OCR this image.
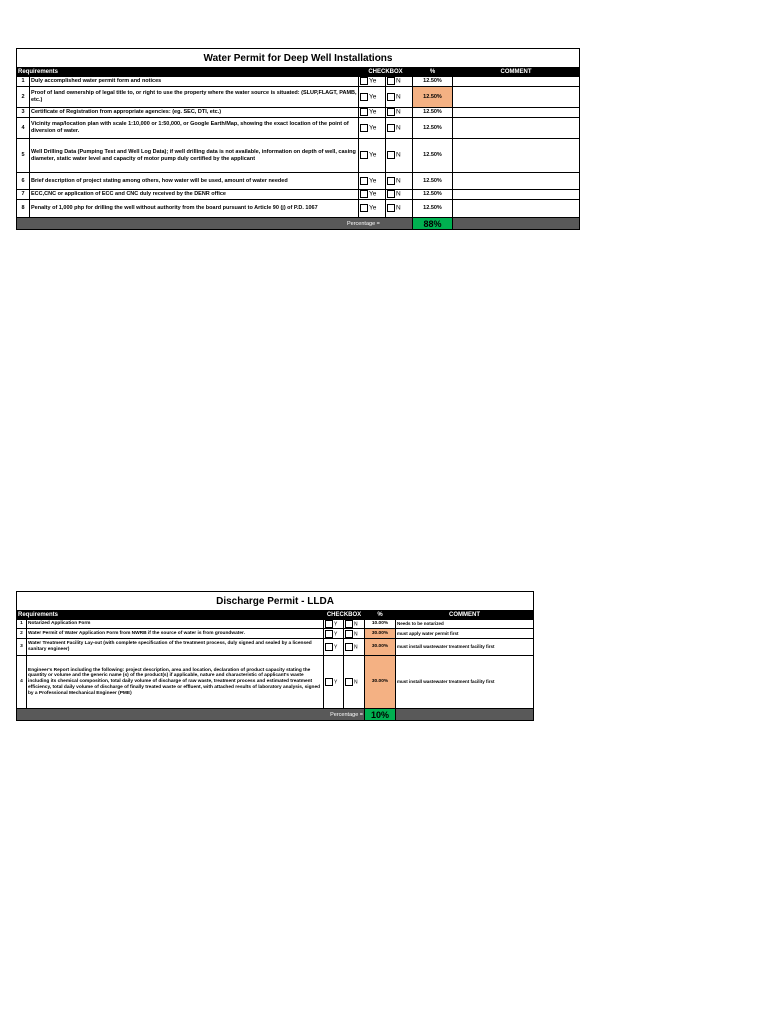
Water Permit for Deep Well Installations					
Requirements		CHECKBOX		%	COMMENT
1	Duly accomplished water permit form and notices	Ye	N	12.50%	
2	Proof of land ownership of legal title to, or right to use the property where the water source is situated: (SLUP,FLAGT, PAMB, etc.)	Ye	N	12.50%	
3	Certificate of Registration from appropriate agencies: (eg. SEC, DTI, etc.)	Ye	N	12.50%	
4	Vicinity map/location plan with scale 1:10,000 or 1:50,000, or Google Earth/Map, showing the exact location of the point of diversion of water.	Ye	N	12.50%	
5	Well Drilling Data (Pumping Test and Well Log Data); if well drilling data is not available, information on depth of well, casing diameter, static water level and capacity of motor pump duly certified by the applicant	Ye	N	12.50%	
6	Brief description of project stating among others, how water will be used, amount of water needed	Ye	N	12.50%	
7	ECC,CNC or application of ECC and CNC duly received by the DENR office	Ye	N	12.50%	
8	Penalty of 1,000 php for drilling the well without authority from the board pursuant to Article 90 (j) of P.D. 1067	Ye	N	12.50%	
Percentage =				88%	
Discharge Permit - LLDA					
Requirements		CHECKBOX		%	COMMENT
1	Notarized Application Form	Y	N	10.00%	Needs to be notarized
2	Water Permit of Water Application Form from NWRB if the source of water is from groundwater.	Y	N	30.00%	must apply water permit first
3	Water Treatment Facility Lay-out (with complete specification of the treatment process, duly signed and sealed by a licensed sanitary engineer)	Y	N	30.00%	must install wastewater treatment facility first
4	Engineer's Report including the following: project description, area and location, declaration of product capacity stating the quantity or volume and the generic name (s) of the product(s) if applicable, nature and characteristic of applicant's waste including its chemical composition, total daily volume of discharge of raw waste, treatment process and estimated treatment efficiency, total daily volume of discharge of finally treated waste or effluent, with attached results of laboratory analysis, signed by a Professional Mechanical Engineer (PME)	Y	N	30.00%	must install wastewater treatment facility first
Percentage =				10%	
